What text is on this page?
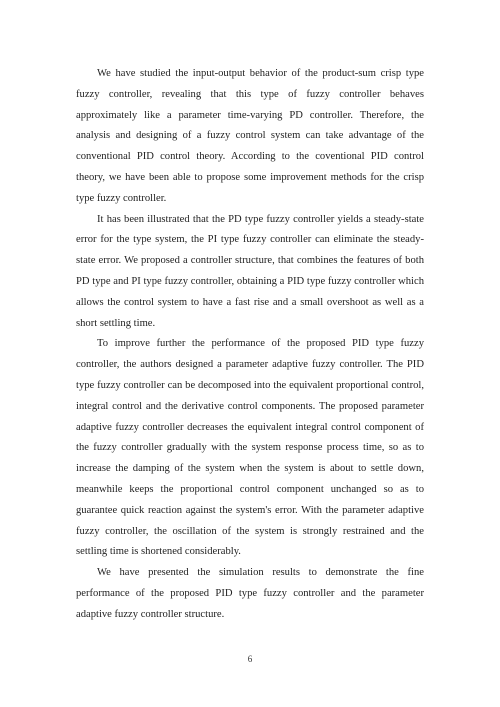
We have studied the input-output behavior of the product-sum crisp type fuzzy controller, revealing that this type of fuzzy controller behaves approximately like a parameter time-varying PD controller. Therefore, the analysis and designing of a fuzzy control system can take advantage of the conventional PID control theory. According to the coventional PID control theory, we have been able to propose some improvement methods for the crisp type fuzzy controller.

It has been illustrated that the PD type fuzzy controller yields a steady-state error for the type system, the PI type fuzzy controller can eliminate the steady-state error. We proposed a controller structure, that combines the features of both PD type and PI type fuzzy controller, obtaining a PID type fuzzy controller which allows the control system to have a fast rise and a small overshoot as well as a short settling time.

To improve further the performance of the proposed PID type fuzzy controller, the authors designed a parameter adaptive fuzzy controller. The PID type fuzzy controller can be decomposed into the equivalent proportional control, integral control and the derivative control components. The proposed parameter adaptive fuzzy controller decreases the equivalent integral control component of the fuzzy controller gradually with the system response process time, so as to increase the damping of the system when the system is about to settle down, meanwhile keeps the proportional control component unchanged so as to guarantee quick reaction against the system's error. With the parameter adaptive fuzzy controller, the oscillation of the system is strongly restrained and the settling time is shortened considerably.

We have presented the simulation results to demonstrate the fine performance of the proposed PID type fuzzy controller and the parameter adaptive fuzzy controller structure.

6
